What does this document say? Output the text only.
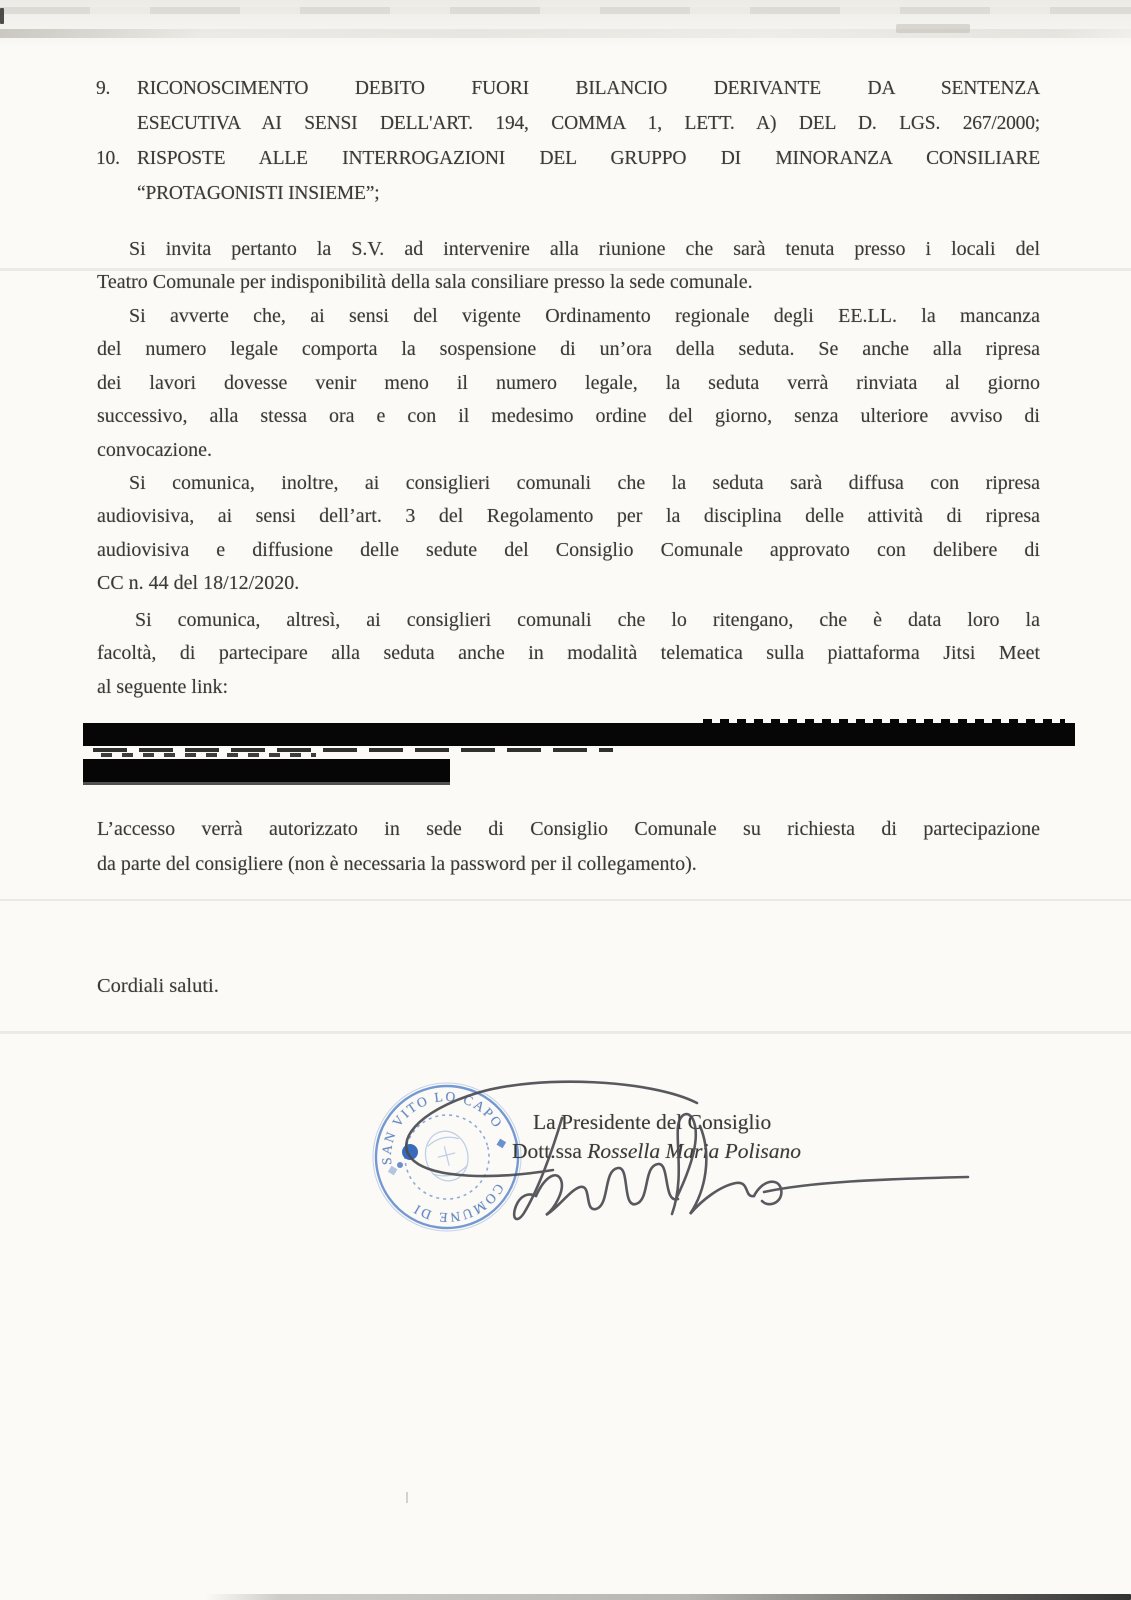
9.	RICONOSCIMENTO DEBITO FUORI BILANCIO DERIVANTE DA SENTENZA
ESECUTIVA AI SENSI DELL'ART. 194, COMMA 1, LETT. A) DEL D. LGS. 267/2000;
10. RISPOSTE ALLE INTERROGAZIONI DEL GRUPPO DI MINORANZA CONSILIARE
“PROTAGONISTI INSIEME”;
Si invita pertanto la S.V. ad intervenire alla riunione che sarà tenuta presso i locali del
Teatro Comunale per indisponibilità della sala consiliare presso la sede comunale.
Si avverte che, ai sensi del vigente Ordinamento regionale degli EE.LL. la mancanza
del numero legale comporta la sospensione di un’ora della seduta. Se anche alla ripresa
dei lavori dovesse venir meno il numero legale, la seduta verrà rinviata al giorno
successivo, alla stessa ora e con il medesimo ordine del giorno, senza ulteriore avviso di
convocazione.
Si comunica, inoltre, ai consiglieri comunali che la seduta sarà diffusa con ripresa
audiovisiva, ai sensi dell’art. 3 del Regolamento per la disciplina delle attività di ripresa
audiovisiva e diffusione delle sedute del Consiglio Comunale approvato con delibere di
CC n. 44 del 18/12/2020.
Si comunica, altresì, ai consiglieri comunali che lo ritengano, che è data loro la
facoltà, di partecipare alla seduta anche in modalità telematica sulla piattaforma Jitsi Meet
al seguente link:
L’accesso verrà autorizzato in sede di Consiglio Comunale su richiesta di partecipazione
da parte del consigliere (non è necessaria la password per il collegamento).
Cordiali saluti.
SAN VITO LO CAPO
COMUNE DI
La Presidente del Consiglio
Dott.ssa Rossella Maria Polisano
